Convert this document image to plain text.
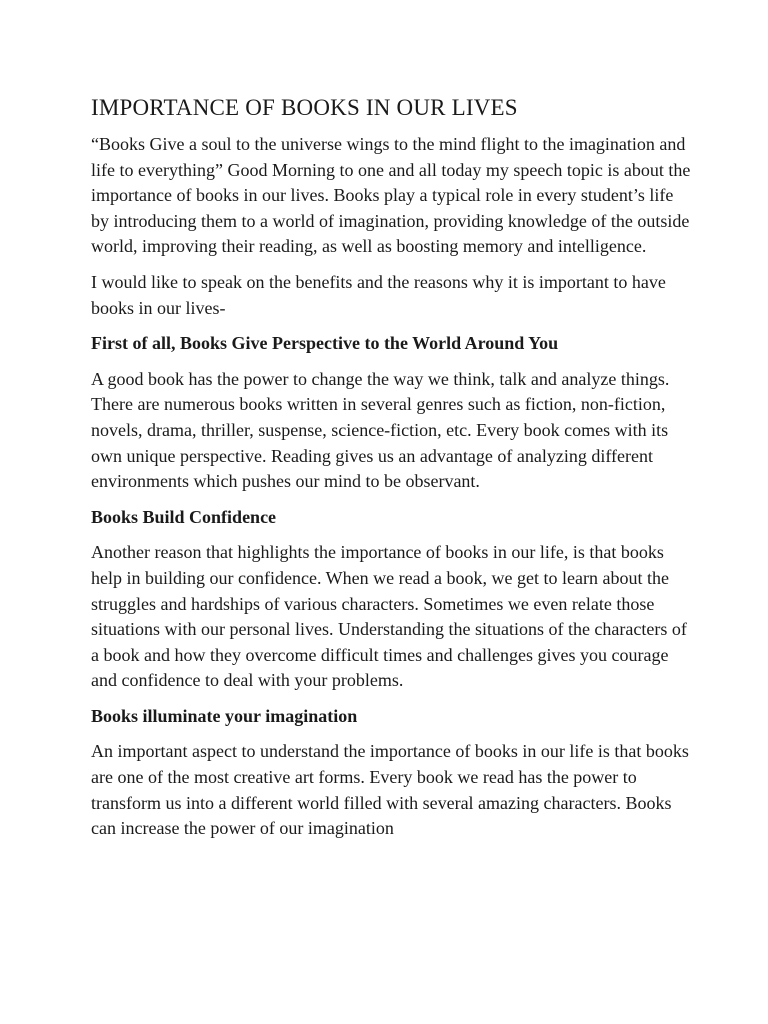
IMPORTANCE OF BOOKS IN OUR LIVES

“Books Give a soul to the universe wings to the mind flight to the imagination and life to everything” Good Morning to one and all today my speech topic is about the importance of books in our lives. Books play a typical role in every student’s life by introducing them to a world of imagination, providing knowledge of the outside world, improving their reading, as well as boosting memory and intelligence.

I would like to speak on the benefits and the reasons why it is important to have books in our lives-

First of all, Books Give Perspective to the World Around You

A good book has the power to change the way we think, talk and analyze things. There are numerous books written in several genres such as fiction, non-fiction, novels, drama, thriller, suspense, science-fiction, etc. Every book comes with its own unique perspective. Reading gives us an advantage of analyzing different environments which pushes our mind to be observant.

Books Build Confidence

Another reason that highlights the importance of books in our life, is that books help in building our confidence. When we read a book, we get to learn about the struggles and hardships of various characters. Sometimes we even relate those situations with our personal lives. Understanding the situations of the characters of a book and how they overcome difficult times and challenges gives you courage and confidence to deal with your problems.

Books illuminate your imagination

An important aspect to understand the importance of books in our life is that books are one of the most creative art forms. Every book we read has the power to transform us into a different world filled with several amazing characters. Books can increase the power of our imagination
